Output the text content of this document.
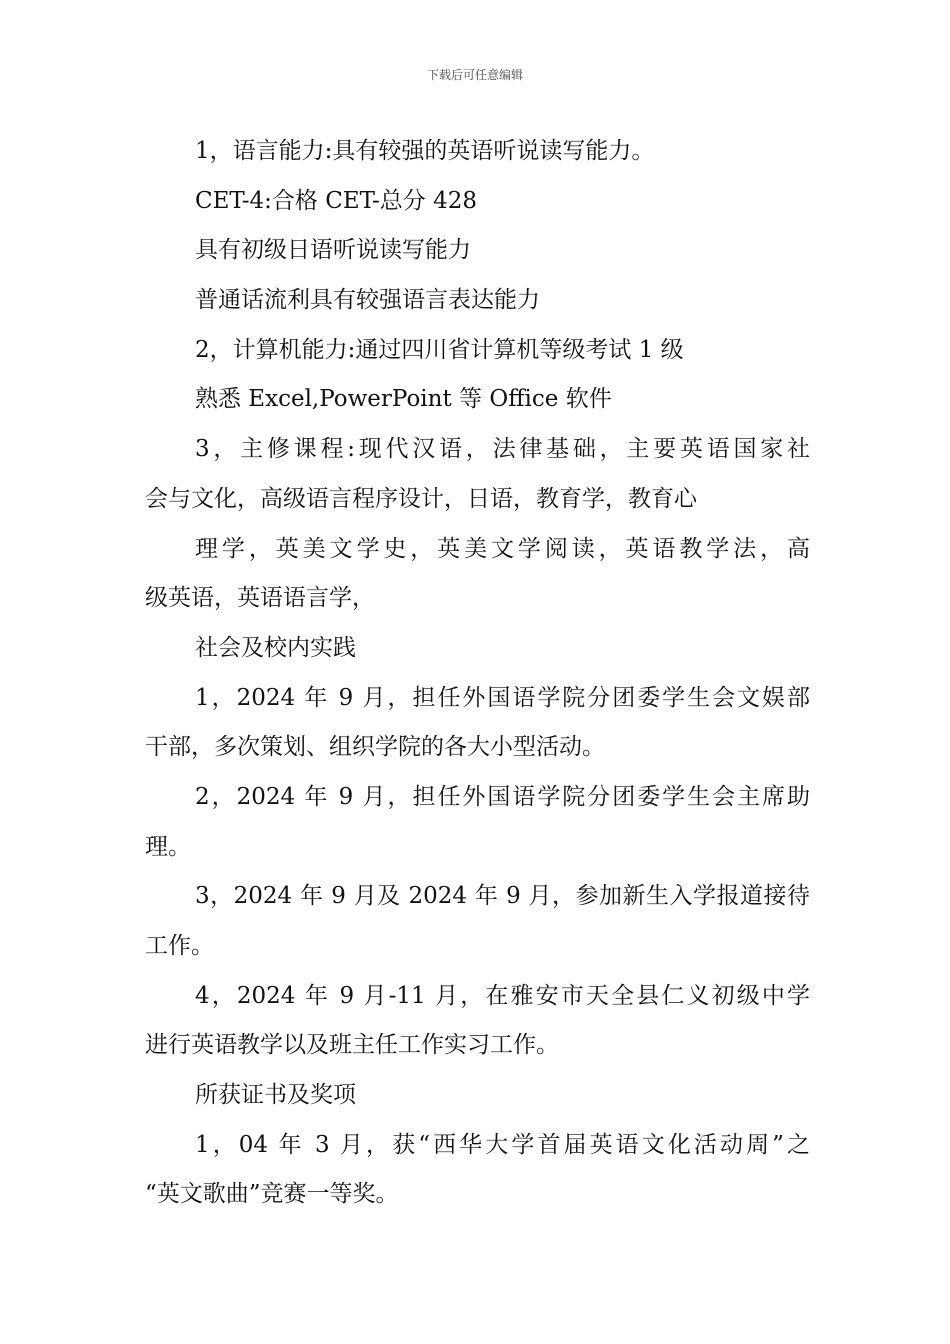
下载后可任意编辑
1，语言能力:具有较强的英语听说读写能力。
CET-4:合格 CET-总分 428
具有初级日语听说读写能力
普通话流利具有较强语言表达能力
2，计算机能力:通过四川省计算机等级考试 1 级
熟悉 Excel,PowerPoint 等 Office 软件
3，主修课程:现代汉语，法律基础，主要英语国家社
会与文化，高级语言程序设计，日语，教育学，教育心
理学，英美文学史，英美文学阅读，英语教学法，高
级英语，英语语言学，
社会及校内实践
1，2024 年 9 月，担任外国语学院分团委学生会文娱部
干部，多次策划、组织学院的各大小型活动。
2，2024 年 9 月，担任外国语学院分团委学生会主席助
理。
3，2024 年 9 月及 2024 年 9 月，参加新生入学报道接待
工作。
4，2024 年 9 月-11 月，在雅安市天全县仁义初级中学
进行英语教学以及班主任工作实习工作。
所获证书及奖项
1，04 年 3 月，获“西华大学首届英语文化活动周”之
“英文歌曲”竞赛一等奖。
